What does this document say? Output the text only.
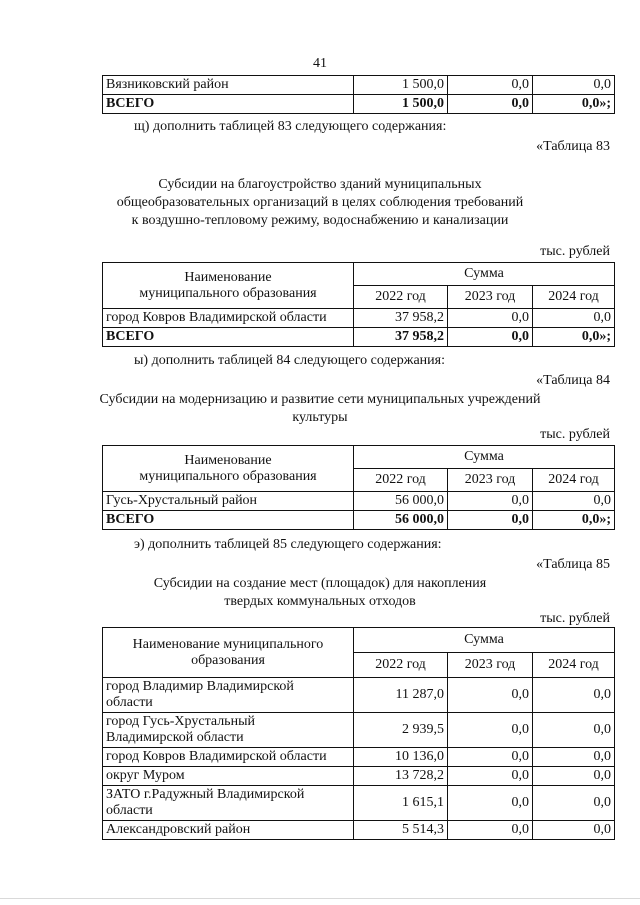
41
Вязниковский район	1 500,0	0,0	0,0
ВСЕГО	1 500,0	0,0	0,0»;
щ) дополнить таблицей 83 следующего содержания:
«Таблица 83
Субсидии на благоустройство зданий муниципальных
общеобразовательных организаций в целях соблюдения требований
к воздушно-тепловому режиму, водоснабжению и канализации
тыс. рублей
Наименование
муниципального образования	Сумма		
	2022 год	2023 год	2024 год
город Ковров Владимирской области	37 958,2	0,0	0,0
ВСЕГО	37 958,2	0,0	0,0»;
ы) дополнить таблицей 84 следующего содержания:
«Таблица 84
Субсидии на модернизацию и развитие сети муниципальных учреждений
культуры
тыс. рублей
Наименование
муниципального образования	Сумма		
	2022 год	2023 год	2024 год
Гусь-Хрустальный район	56 000,0	0,0	0,0
ВСЕГО	56 000,0	0,0	0,0»;
э) дополнить таблицей 85 следующего содержания:
«Таблица 85
Субсидии на создание мест (площадок) для накопления
твердых коммунальных отходов
тыс. рублей
Наименование муниципального
образования	Сумма		
	2022 год	2023 год	2024 год

город Владимир Владимирской
области	11 287,0	0,0	0,0

город Гусь-Хрустальный
Владимирской области	2 939,5	0,0	0,0
город Ковров Владимирской области	10 136,0	0,0	0,0
округ Муром	13 728,2	0,0	0,0

ЗАТО г.Радужный Владимирской
области	1 615,1	0,0	0,0
Александровский район	5 514,3	0,0	0,0
